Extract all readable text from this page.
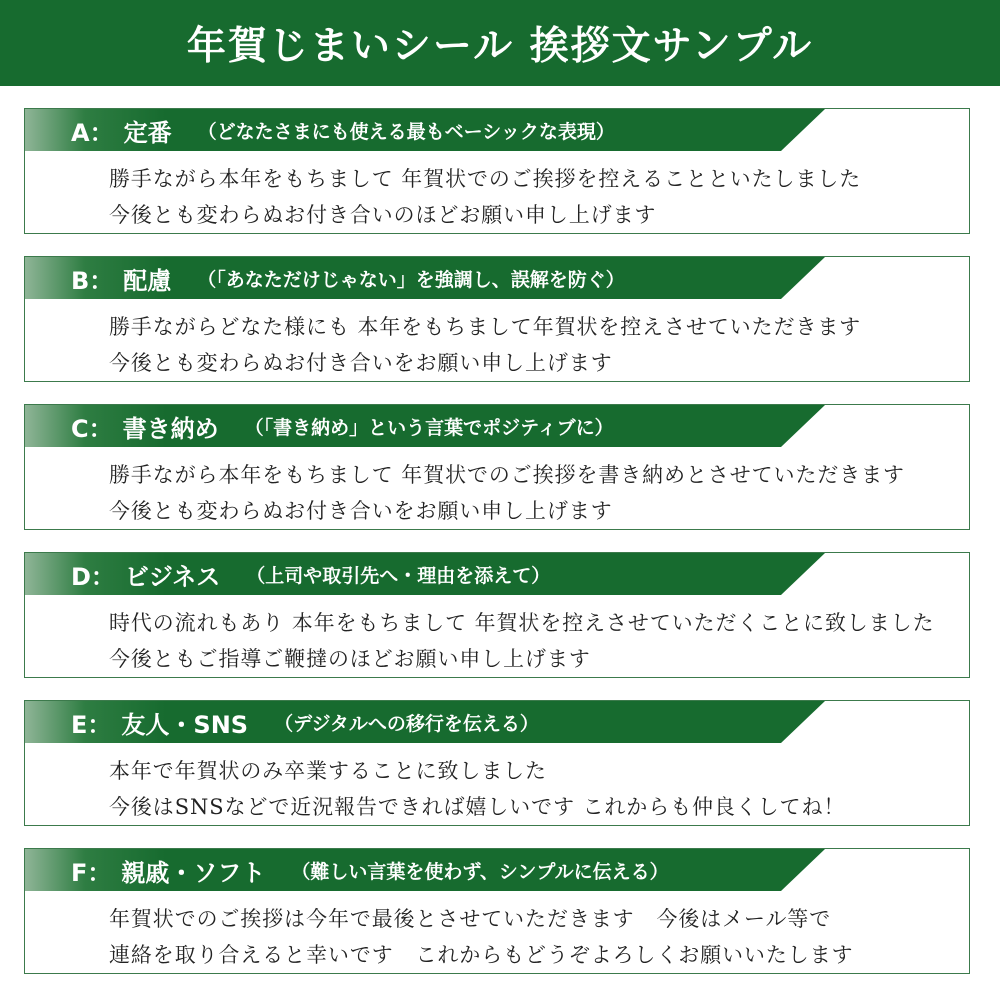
年賀じまいシール 挨拶文サンプル
A： 定番 （どなたさまにも使える最もベーシックな表現）
勝手ながら本年をもちまして 年賀状でのご挨拶を控えることといたしました
今後とも変わらぬお付き合いのほどお願い申し上げます
B： 配慮 （「あなただけじゃない」を強調し、誤解を防ぐ）
勝手ながらどなた様にも 本年をもちまして年賀状を控えさせていただきます
今後とも変わらぬお付き合いをお願い申し上げます
C： 書き納め （「書き納め」という言葉でポジティブに）
勝手ながら本年をもちまして 年賀状でのご挨拶を書き納めとさせていただきます
今後とも変わらぬお付き合いをお願い申し上げます
D： ビジネス （上司や取引先へ・理由を添えて）
時代の流れもあり 本年をもちまして 年賀状を控えさせていただくことに致しました
今後ともご指導ご鞭撻のほどお願い申し上げます
E： 友人・SNS （デジタルへの移行を伝える）
本年で年賀状のみ卒業することに致しました
今後はSNSなどで近況報告できれば嬉しいです これからも仲良くしてね！
F： 親戚・ソフト （難しい言葉を使わず、シンプルに伝える）
年賀状でのご挨拶は今年で最後とさせていただきます　今後はメール等で
連絡を取り合えると幸いです　これからもどうぞよろしくお願いいたします
